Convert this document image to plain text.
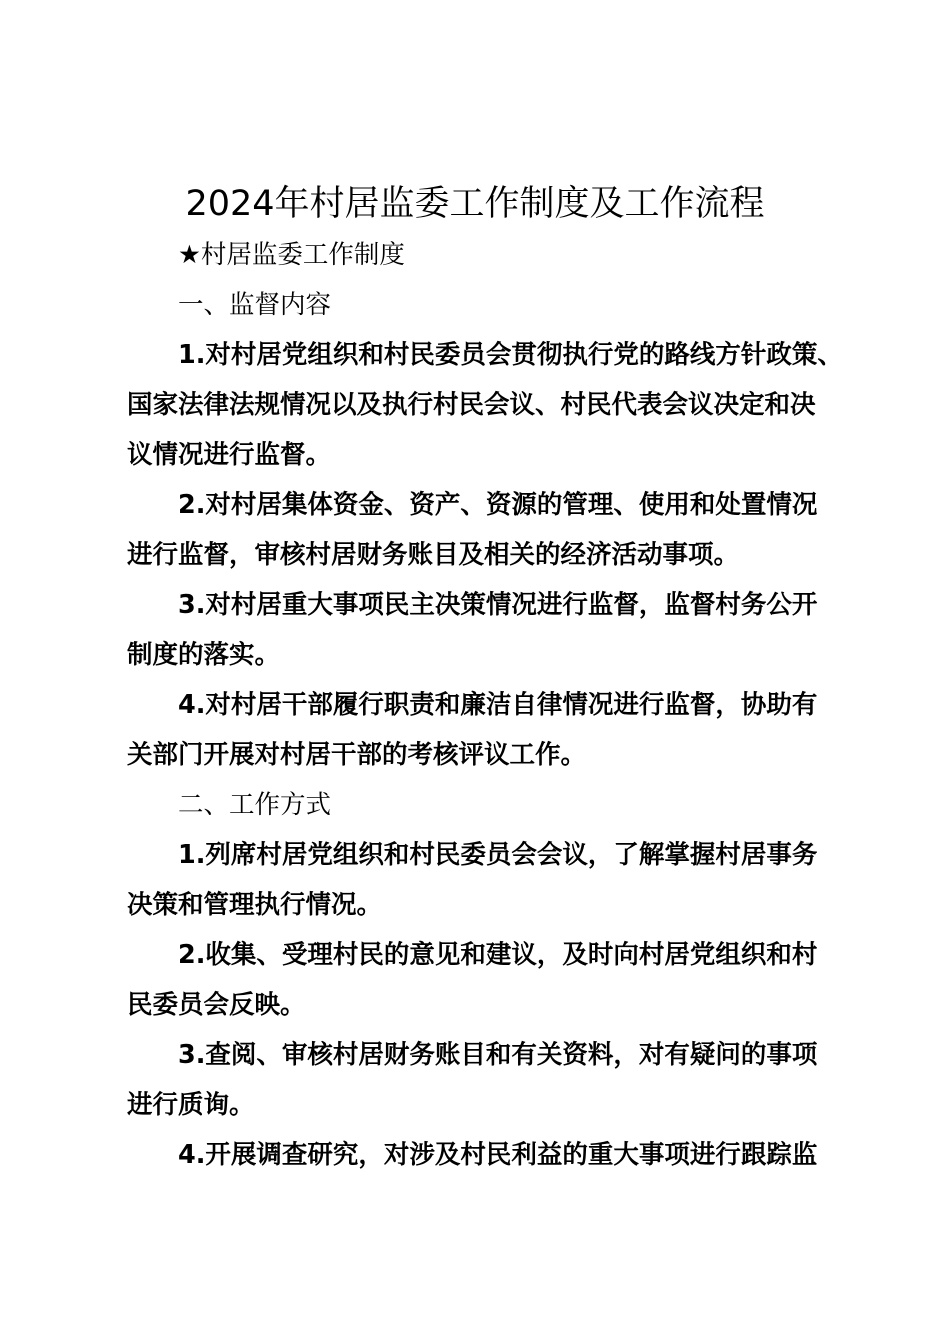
2024年村居监委工作制度及工作流程

★村居监委工作制度

一、监督内容

1.对村居党组织和村民委员会贯彻执行党的路线方针政策、

国家法律法规情况以及执行村民会议、村民代表会议决定和决

议情况进行监督。

2.对村居集体资金、资产、资源的管理、使用和处置情况

进行监督，审核村居财务账目及相关的经济活动事项。

3.对村居重大事项民主决策情况进行监督，监督村务公开

制度的落实。

4.对村居干部履行职责和廉洁自律情况进行监督，协助有

关部门开展对村居干部的考核评议工作。

二、工作方式

1.列席村居党组织和村民委员会会议，了解掌握村居事务

决策和管理执行情况。

2.收集、受理村民的意见和建议，及时向村居党组织和村

民委员会反映。

3.查阅、审核村居财务账目和有关资料，对有疑问的事项

进行质询。

4.开展调查研究，对涉及村民利益的重大事项进行跟踪监
